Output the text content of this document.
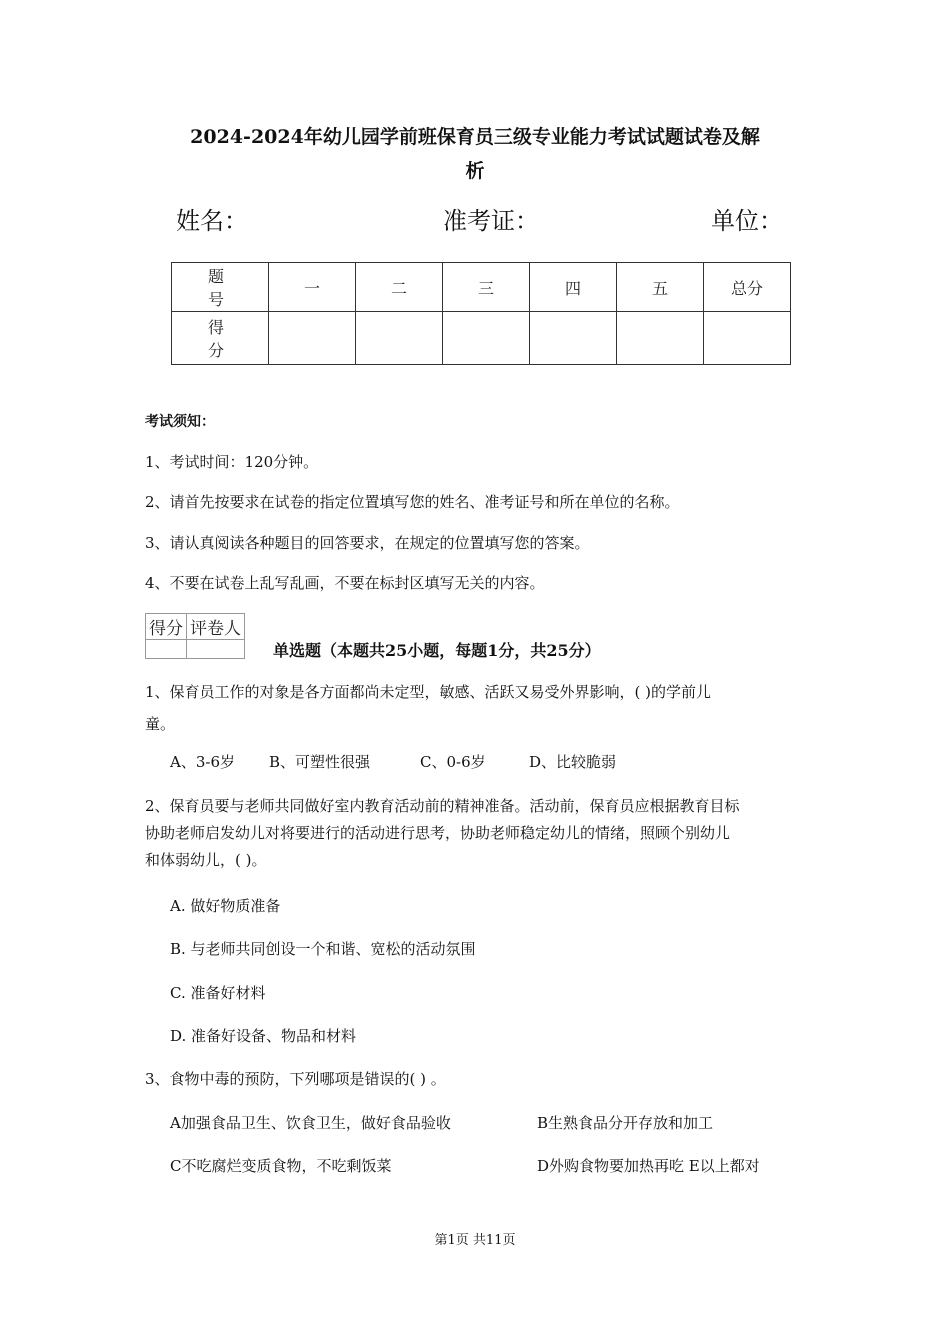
2024-2024年幼儿园学前班保育员三级专业能力考试试题试卷及解
析
姓名：	准考证：	单位：
题 号	一	二	三	四	五	总分
得 分						
考试须知：
1、考试时间：120分钟。
2、请首先按要求在试卷的指定位置填写您的姓名、准考证号和所在单位的名称。
3、请认真阅读各种题目的回答要求，在规定的位置填写您的答案。
4、不要在试卷上乱写乱画，不要在标封区填写无关的内容。
得分	评卷人

单选题（本题共25小题，每题1分，共25分）
1、保育员工作的对象是各方面都尚未定型，敏感、活跃又易受外界影响，( )的学前儿
童。
A、3-6岁 B、可塑性很强	C、0-6岁	D、比较脆弱
2、保育员要与老师共同做好室内教育活动前的精神准备。活动前，保育员应根据教育目标
协助老师启发幼儿对将要进行的活动进行思考，协助老师稳定幼儿的情绪，照顾个别幼儿
和体弱幼儿，( )。
A. 做好物质准备
B. 与老师共同创设一个和谐、宽松的活动氛围
C. 准备好材料
D. 准备好设备、物品和材料
3、食物中毒的预防，下列哪项是错误的( ) 。
A加强食品卫生、饮食卫生，做好食品验收	B生熟食品分开存放和加工
C不吃腐烂变质食物，不吃剩饭菜	D外购食物要加热再吃 E以上都对
第1页 共11页
